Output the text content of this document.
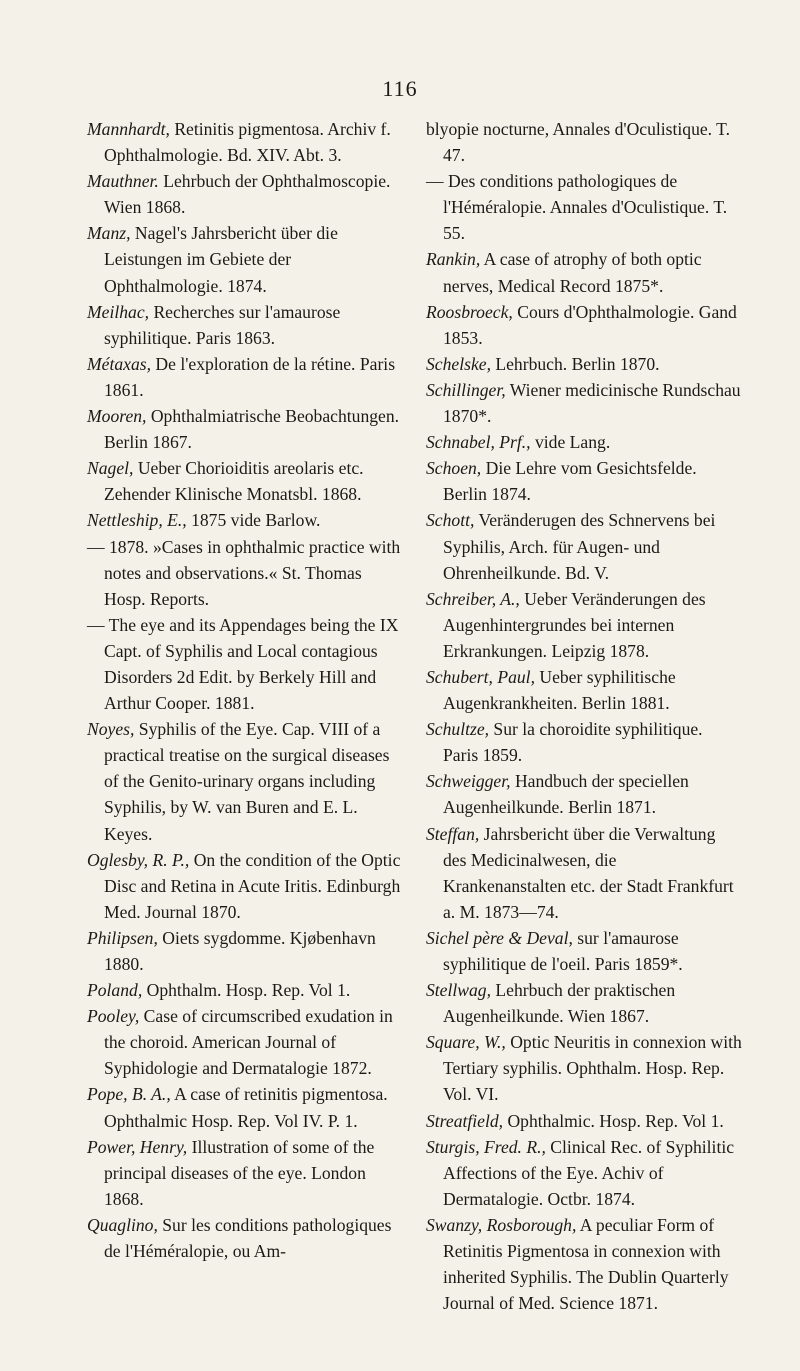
116

Mannhardt, Retinitis pigmentosa. Archiv f. Ophthalmologie. Bd. XIV. Abt. 3.

Mauthner. Lehrbuch der Ophthalmoscopie. Wien 1868.

Manz, Nagel's Jahrsbericht über die Leistungen im Gebiete der Ophthalmologie. 1874.

Meilhac, Recherches sur l'amaurose syphilitique. Paris 1863.

Métaxas, De l'exploration de la rétine. Paris 1861.

Mooren, Ophthalmiatrische Beobachtungen. Berlin 1867.

Nagel, Ueber Chorioiditis areolaris etc. Zehender Klinische Monatsbl. 1868.

Nettleship, E., 1875 vide Barlow.

— 1878. »Cases in ophthalmic practice with notes and observations.« St. Thomas Hosp. Reports.

— The eye and its Appendages being the IX Capt. of Syphilis and Local contagious Disorders 2d Edit. by Berkely Hill and Arthur Cooper. 1881.

Noyes, Syphilis of the Eye. Cap. VIII of a practical treatise on the surgical diseases of the Genito-urinary organs including Syphilis, by W. van Buren and E. L. Keyes.

Oglesby, R. P., On the condition of the Optic Disc and Retina in Acute Iritis. Edinburgh Med. Journal 1870.

Philipsen, Oiets sygdomme. Kjøbenhavn 1880.

Poland, Ophthalm. Hosp. Rep. Vol 1.

Pooley, Case of circumscribed exudation in the choroid. American Journal of Syphidologie and Dermatalogie 1872.

Pope, B. A., A case of retinitis pigmentosa. Ophthalmic Hosp. Rep. Vol IV. P. 1.

Power, Henry, Illustration of some of the principal diseases of the eye. London 1868.

Quaglino, Sur les conditions pathologiques de l'Héméralopie, ou Am-

blyopie nocturne, Annales d'Oculistique. T. 47.

— Des conditions pathologiques de l'Héméralopie. Annales d'Oculistique. T. 55.

Rankin, A case of atrophy of both optic nerves, Medical Record 1875*.

Roosbroeck, Cours d'Ophthalmologie. Gand 1853.

Schelske, Lehrbuch. Berlin 1870.

Schillinger, Wiener medicinische Rundschau 1870*.

Schnabel, Prf., vide Lang.

Schoen, Die Lehre vom Gesichtsfelde. Berlin 1874.

Schott, Veränderugen des Schnervens bei Syphilis, Arch. für Augen- und Ohrenheilkunde. Bd. V.

Schreiber, A., Ueber Veränderungen des Augenhintergrundes bei internen Erkrankungen. Leipzig 1878.

Schubert, Paul, Ueber syphilitische Augenkrankheiten. Berlin 1881.

Schultze, Sur la choroidite syphilitique. Paris 1859.

Schweigger, Handbuch der speciellen Augenheilkunde. Berlin 1871.

Steffan, Jahrsbericht über die Verwaltung des Medicinalwesen, die Krankenanstalten etc. der Stadt Frankfurt a. M. 1873—74.

Sichel père & Deval, sur l'amaurose syphilitique de l'oeil. Paris 1859*.

Stellwag, Lehrbuch der praktischen Augenheilkunde. Wien 1867.

Square, W., Optic Neuritis in connexion with Tertiary syphilis. Ophthalm. Hosp. Rep. Vol. VI.

Streatfield, Ophthalmic. Hosp. Rep. Vol 1.

Sturgis, Fred. R., Clinical Rec. of Syphilitic Affections of the Eye. Achiv of Dermatalogie. Octbr. 1874.

Swanzy, Rosborough, A peculiar Form of Retinitis Pigmentosa in connexion with inherited Syphilis. The Dublin Quarterly Journal of Med. Science 1871.
